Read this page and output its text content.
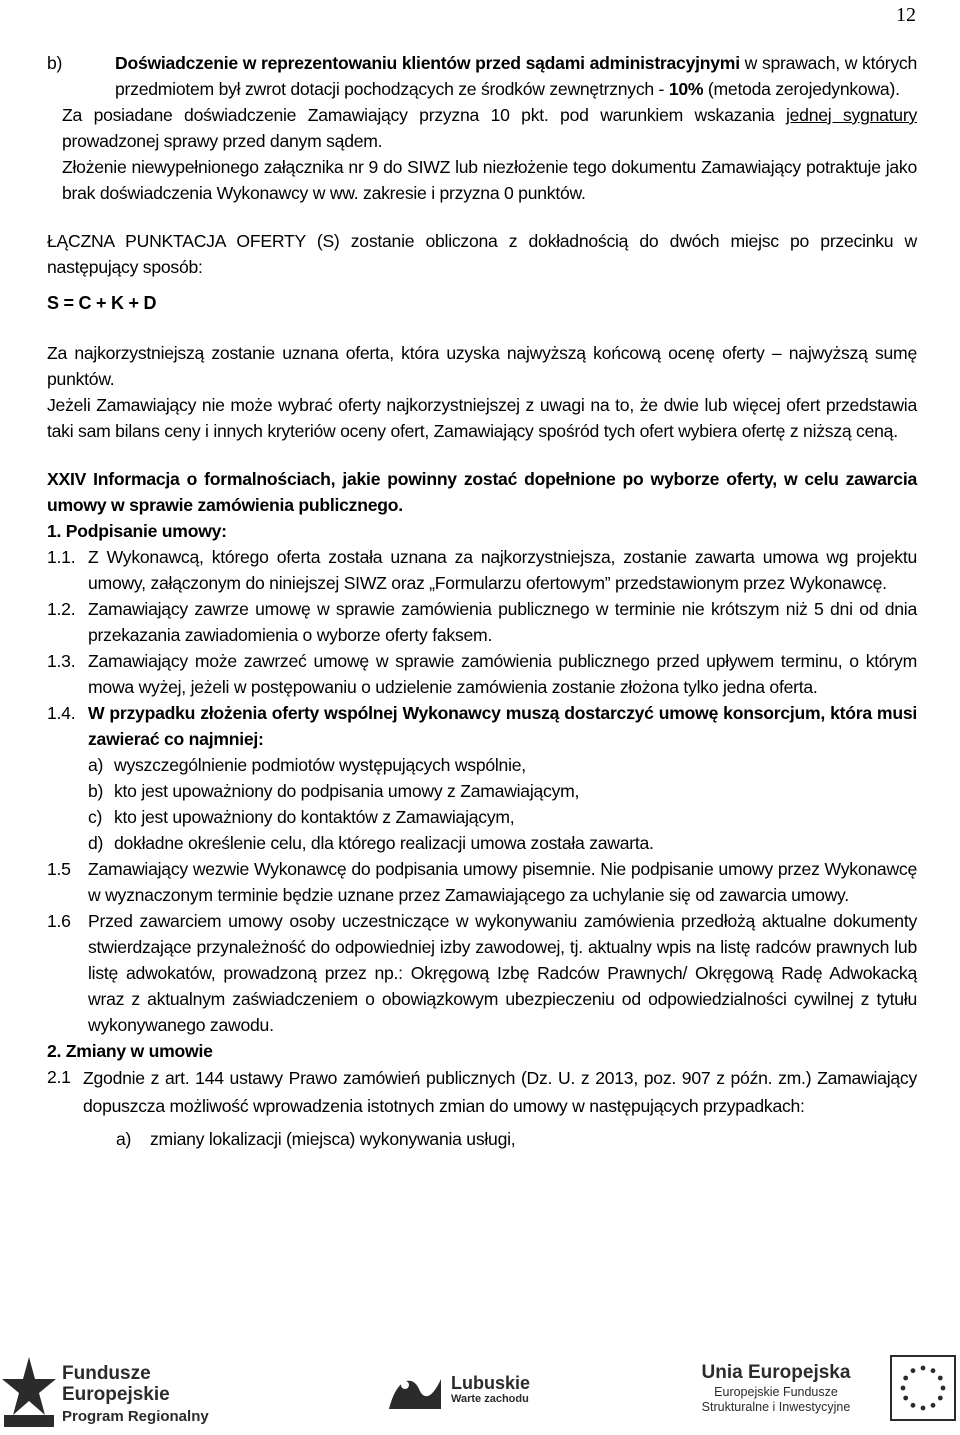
12
b)	Doświadczenie w reprezentowaniu klientów przed sądami administracyjnymi w sprawach, w których przedmiotem był zwrot dotacji pochodzących ze środków zewnętrznych - 10% (metoda zerojedynkowa).

Za posiadane doświadczenie Zamawiający przyzna 10 pkt. pod warunkiem wskazania jednej sygnatury prowadzonej sprawy przed danym sądem.

Złożenie niewypełnionego załącznika nr 9 do SIWZ lub niezłożenie tego dokumentu Zamawiający potraktuje jako brak doświadczenia Wykonawcy w ww. zakresie i przyzna 0 punktów.

ŁĄCZNA PUNKTACJA OFERTY (S) zostanie obliczona z dokładnością do dwóch miejsc po przecinku w następujący sposób:

S = C + K + D

Za najkorzystniejszą zostanie uznana oferta, która uzyska najwyższą końcową ocenę oferty – najwyższą sumę punktów.

Jeżeli Zamawiający nie może wybrać oferty najkorzystniejszej z uwagi na to, że dwie lub więcej ofert przedstawia taki sam bilans ceny i innych kryteriów oceny ofert, Zamawiający spośród tych ofert wybiera ofertę z niższą ceną.

XXIV Informacja o formalnościach, jakie powinny zostać dopełnione po wyborze oferty, w celu zawarcia umowy w sprawie zamówienia publicznego.

1. Podpisanie umowy:

1.1. Z Wykonawcą, którego oferta została uznana za najkorzystniejsza, zostanie zawarta umowa wg projektu umowy, załączonym do niniejszej SIWZ oraz „Formularzu ofertowym” przedstawionym przez Wykonawcę.

1.2. Zamawiający zawrze umowę w sprawie zamówienia publicznego w terminie nie krótszym niż 5 dni od dnia przekazania zawiadomienia o wyborze oferty faksem.

1.3. Zamawiający może zawrzeć umowę w sprawie zamówienia publicznego przed upływem terminu, o którym mowa wyżej, jeżeli w postępowaniu o udzielenie zamówienia zostanie złożona tylko jedna oferta.

1.4. W przypadku złożenia oferty wspólnej Wykonawcy muszą dostarczyć umowę konsorcjum, która musi zawierać co najmniej:

a) wyszczególnienie podmiotów występujących wspólnie,
b) kto jest upoważniony do podpisania umowy z Zamawiającym,
c) kto jest upoważniony do kontaktów z Zamawiającym,
d) dokładne określenie celu, dla którego realizacji umowa została zawarta.
1.5 Zamawiający wezwie Wykonawcę do podpisania umowy pisemnie. Nie podpisanie umowy przez Wykonawcę w wyznaczonym terminie będzie uznane przez Zamawiającego za uchylanie się od zawarcia umowy.

1.6 Przed zawarciem umowy osoby uczestniczące w wykonywaniu zamówienia przedłożą aktualne dokumenty stwierdzające przynależność do odpowiedniej izby zawodowej, tj. aktualny wpis na listę radców prawnych lub listę adwokatów, prowadzoną przez np.: Okręgową Izbę Radców Prawnych/ Okręgową Radę Adwokacką wraz z aktualnym zaświadczeniem o obowiązkowym ubezpieczeniu od odpowiedzialności cywilnej z tytułu wykonywanego zawodu.

2. Zmiany w umowie

2.1 Zgodnie z art. 144 ustawy Prawo zamówień publicznych (Dz. U. z 2013, poz. 907 z późn. zm.) Zamawiający dopuszcza możliwość wprowadzenia istotnych zmian do umowy w następujących przypadkach:

a)	zmiany lokalizacji (miejsca) wykonywania usługi,
Fundusze
Europejskie
Program Regionalny
Lubuskie
Warte zachodu
Unia Europejska
Europejskie Fundusze
Strukturalne i Inwestycyjne
